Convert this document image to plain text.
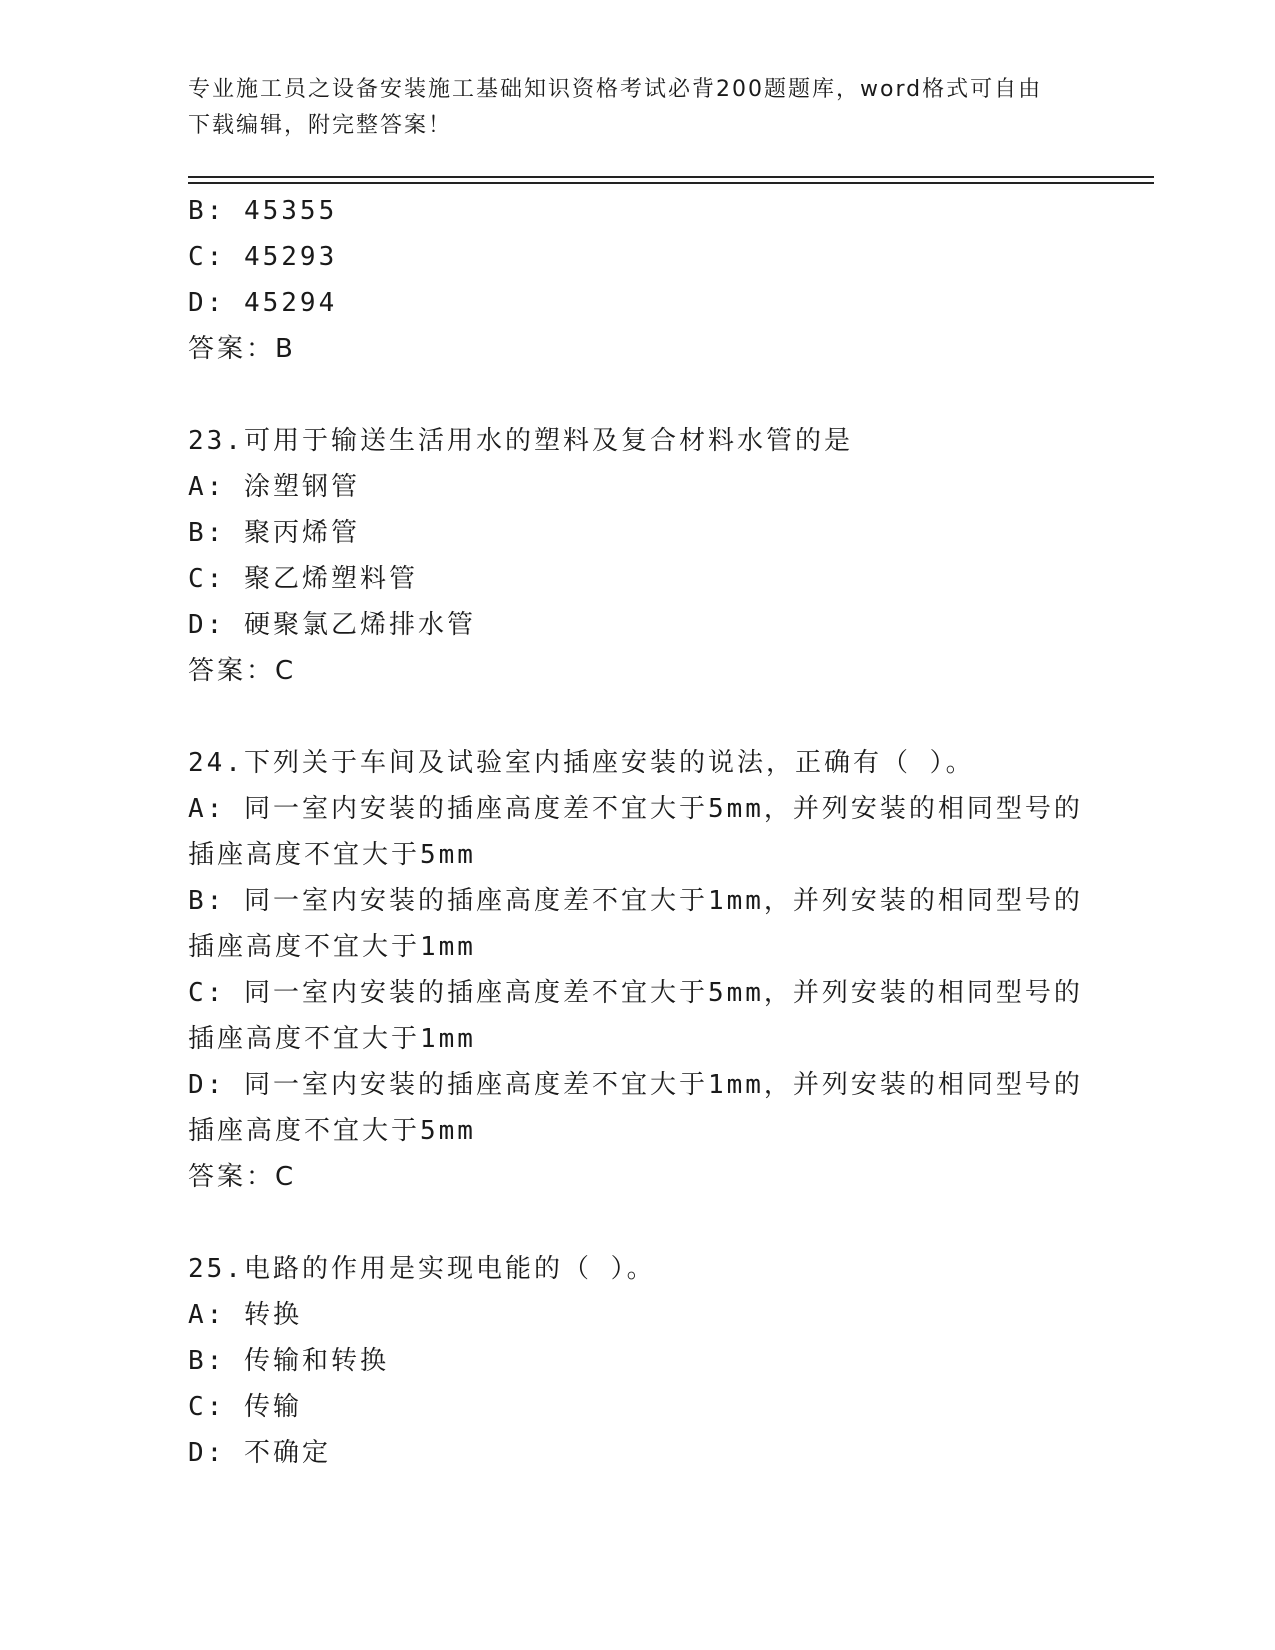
专业施工员之设备安装施工基础知识资格考试必背200题题库，word格式可自由
下载编辑，附完整答案！
B: 45355
C: 45293
D: 45294
答案：B
23.可用于输送生活用水的塑料及复合材料水管的是
A: 涂塑钢管
B: 聚丙烯管
C: 聚乙烯塑料管
D: 硬聚氯乙烯排水管
答案：C
24.下列关于车间及试验室内插座安装的说法，正确有（ ）。
A: 同一室内安装的插座高度差不宜大于5mm，并列安装的相同型号的
插座高度不宜大于5mm
B: 同一室内安装的插座高度差不宜大于1mm，并列安装的相同型号的
插座高度不宜大于1mm
C: 同一室内安装的插座高度差不宜大于5mm，并列安装的相同型号的
插座高度不宜大于1mm
D: 同一室内安装的插座高度差不宜大于1mm，并列安装的相同型号的
插座高度不宜大于5mm
答案：C
25.电路的作用是实现电能的（ ）。
A: 转换
B: 传输和转换
C: 传输
D: 不确定
